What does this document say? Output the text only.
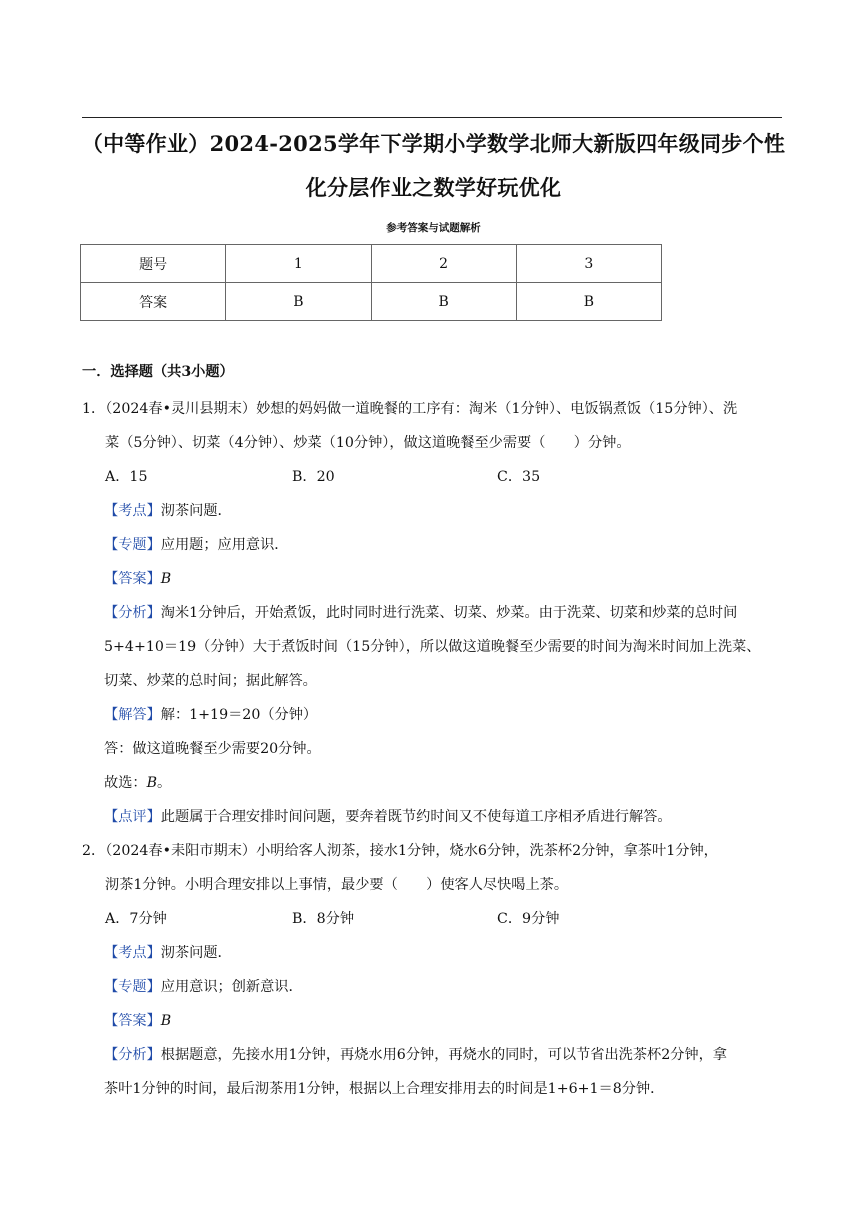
（中等作业）2024-2025学年下学期小学数学北师大新版四年级同步个性
化分层作业之数学好玩优化
参考答案与试题解析
题号	1	2	3
答案	B	B	B
一．选择题（共3小题）
1．（2024春•灵川县期末）妙想的妈妈做一道晚餐的工序有：淘米（1分钟）、电饭锅煮饭（15分钟）、洗
菜（5分钟）、切菜（4分钟）、炒菜（10分钟），做这道晚餐至少需要（　　）分钟。
A．15	B．20	C．35
【考点】沏茶问题．
【专题】应用题；应用意识．
【答案】B
【分析】淘米1分钟后，开始煮饭，此时同时进行洗菜、切菜、炒菜。由于洗菜、切菜和炒菜的总时间
5+4+10＝19（分钟）大于煮饭时间（15分钟），所以做这道晚餐至少需要的时间为淘米时间加上洗菜、
切菜、炒菜的总时间；据此解答。
【解答】解：1+19＝20（分钟）
答：做这道晚餐至少需要20分钟。
故选：B。
【点评】此题属于合理安排时间问题，要奔着既节约时间又不使每道工序相矛盾进行解答。
2．（2024春•耒阳市期末）小明给客人沏茶，接水1分钟，烧水6分钟，洗茶杯2分钟，拿茶叶1分钟，
沏茶1分钟。小明合理安排以上事情，最少要（　　）使客人尽快喝上茶。
A．7分钟	B．8分钟	C．9分钟
【考点】沏茶问题．
【专题】应用意识；创新意识．
【答案】B
【分析】根据题意，先接水用1分钟，再烧水用6分钟，再烧水的同时，可以节省出洗茶杯2分钟，拿
茶叶1分钟的时间，最后沏茶用1分钟，根据以上合理安排用去的时间是1+6+1＝8分钟．
